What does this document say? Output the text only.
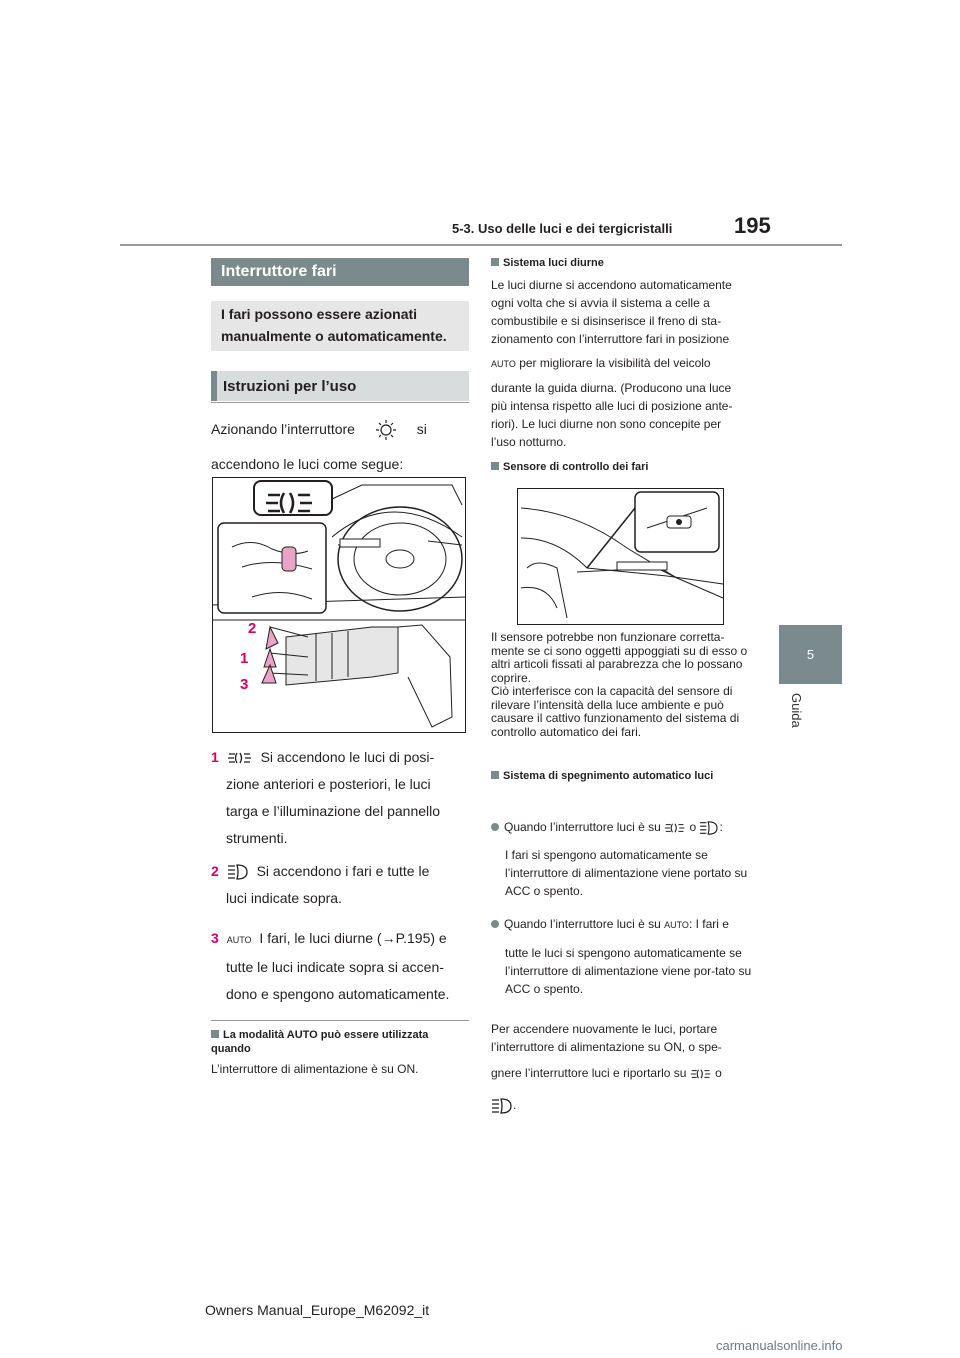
5-3. Uso delle luci e dei tergicristalli	195
5
Guida
Interruttore fari
I fari possono essere azionati manualmente o automaticamente.
Istruzioni per l’uso
Azionando l’interruttore	si
accendono le luci come segue:
2
1
3
1	Si accendono le luci di posi-
zione anteriori e posteriori, le luci
targa e l’illuminazione del pannello
strumenti.
2	Si accendono i fari e tutte le
luci indicate sopra.
3 AUTO I fari, le luci diurne (→P.195) e
tutte le luci indicate sopra si accen-
dono e spengono automaticamente.
La modalità AUTO può essere utilizzata quando
L’interruttore di alimentazione è su ON.
Sistema luci diurne
Le luci diurne si accendono automaticamente
ogni volta che si avvia il sistema a celle a
combustibile e si disinserisce il freno di sta-
zionamento con l’interruttore fari in posizione
AUTO per migliorare la visibilità del veicolo
durante la guida diurna. (Producono una luce
più intensa rispetto alle luci di posizione ante-
riori). Le luci diurne non sono concepite per
l’uso notturno.
Sensore di controllo dei fari
Il sensore potrebbe non funzionare corretta-mente se ci sono oggetti appoggiati su di esso o altri articoli fissati al parabrezza che lo possano coprire.
Ciò interferisce con la capacità del sensore di rilevare l’intensità della luce ambiente e può causare il cattivo funzionamento del sistema di controllo automatico dei fari.
Sistema di spegnimento automatico luci
Quando l’interruttore luci è su o :
I fari si spengono automaticamente se l’interruttore di alimentazione viene portato su ACC o spento.
Quando l’interruttore luci è su AUTO: I fari e
tutte le luci si spengono automaticamente se l’interruttore di alimentazione viene por-tato su ACC o spento.
Per accendere nuovamente le luci, portare
l’interruttore di alimentazione su ON, o spe-
gnere l’interruttore luci e riportarlo su o
.
Owners Manual_Europe_M62092_it
carmanualsonline.info
